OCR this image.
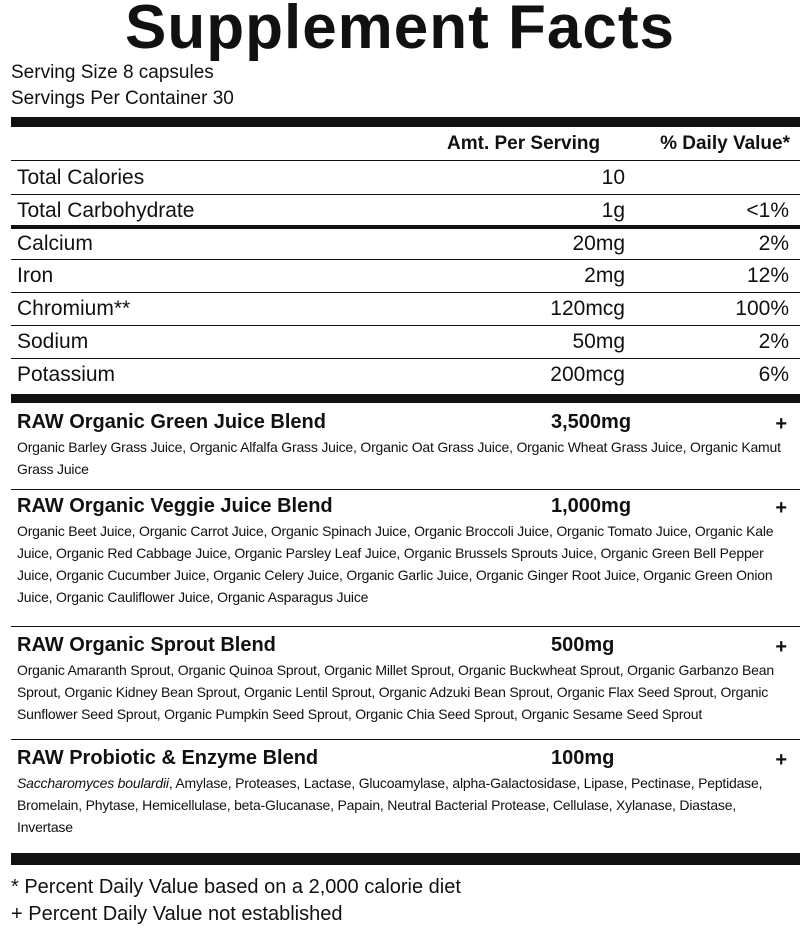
Supplement Facts
Serving Size 8 capsules
Servings Per Container 30
Amt. Per Serving	% Daily Value*
Total Calories	10
Total Carbohydrate	1g	<1%
Calcium	20mg	2%
Iron	2mg	12%
Chromium**	120mcg	100%
Sodium	50mg	2%
Potassium	200mcg	6%
RAW Organic Green Juice Blend	3,500mg	+
Organic Barley Grass Juice, Organic Alfalfa Grass Juice, Organic Oat Grass Juice, Organic Wheat Grass Juice, Organic Kamut Grass Juice
RAW Organic Veggie Juice Blend	1,000mg	+
Organic Beet Juice, Organic Carrot Juice, Organic Spinach Juice, Organic Broccoli Juice, Organic Tomato Juice, Organic Kale Juice, Organic Red Cabbage Juice, Organic Parsley Leaf Juice, Organic Brussels Sprouts Juice, Organic Green Bell Pepper Juice, Organic Cucumber Juice, Organic Celery Juice, Organic Garlic Juice, Organic Ginger Root Juice, Organic Green Onion Juice, Organic Cauliflower Juice, Organic Asparagus Juice
RAW Organic Sprout Blend	500mg	+
Organic Amaranth Sprout, Organic Quinoa Sprout, Organic Millet Sprout, Organic Buckwheat Sprout, Organic Garbanzo Bean Sprout, Organic Kidney Bean Sprout, Organic Lentil Sprout, Organic Adzuki Bean Sprout, Organic Flax Seed Sprout, Organic Sunflower Seed Sprout, Organic Pumpkin Seed Sprout, Organic Chia Seed Sprout, Organic Sesame Seed Sprout
RAW Probiotic & Enzyme Blend	100mg	+
Saccharomyces boulardii, Amylase, Proteases, Lactase, Glucoamylase, alpha-Galactosidase, Lipase, Pectinase, Peptidase, Bromelain, Phytase, Hemicellulase, beta-Glucanase, Papain, Neutral Bacterial Protease, Cellulase, Xylanase, Diastase, Invertase
* Percent Daily Value based on a 2,000 calorie diet
+ Percent Daily Value not established
